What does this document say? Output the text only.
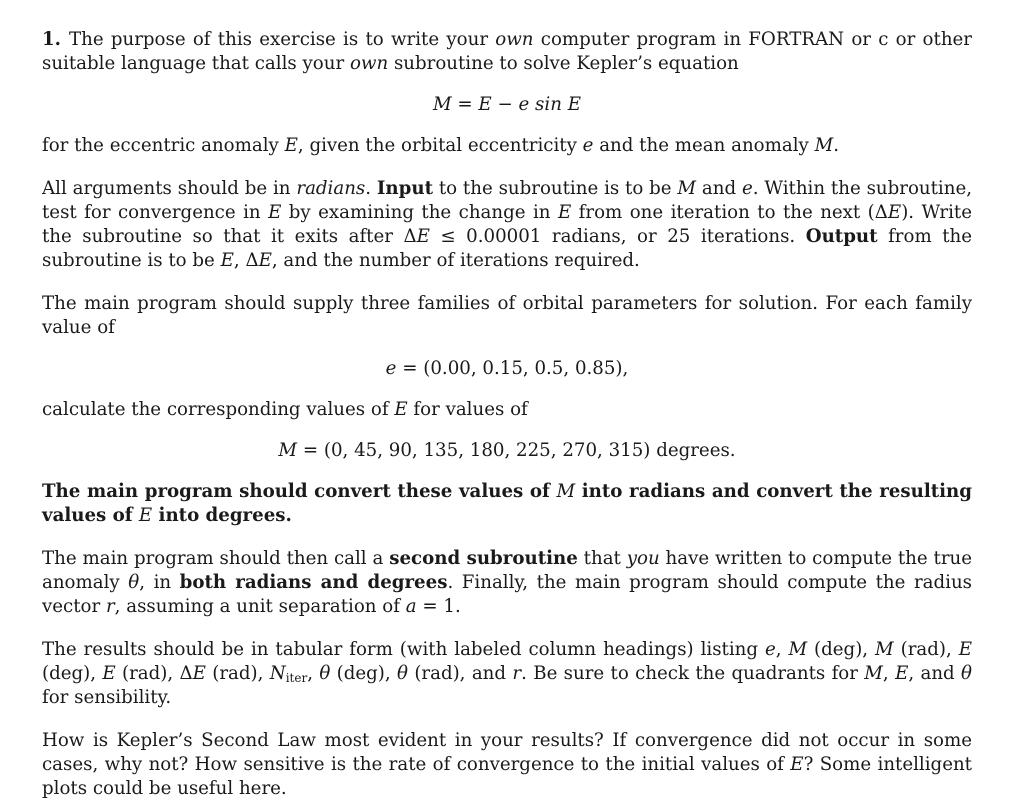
1. The purpose of this exercise is to write your own computer program in FORTRAN or c or other suitable language that calls your own subroutine to solve Kepler’s equation

M = E − e sin E

for the eccentric anomaly E, given the orbital eccentricity e and the mean anomaly M.

All arguments should be in radians. Input to the subroutine is to be M and e. Within the subroutine, test for convergence in E by examining the change in E from one iteration to the next (ΔE). Write the subroutine so that it exits after ΔE ≤ 0.00001 radians, or 25 iterations. Output from the subroutine is to be E, ΔE, and the number of iterations required.

The main program should supply three families of orbital parameters for solution. For each family value of

e = (0.00, 0.15, 0.5, 0.85),

calculate the corresponding values of E for values of

M = (0, 45, 90, 135, 180, 225, 270, 315) degrees.

The main program should convert these values of M into radians and convert the resulting values of E into degrees.

The main program should then call a second subroutine that you have written to compute the true anomaly θ, in both radians and degrees. Finally, the main program should compute the radius vector r, assuming a unit separation of a = 1.

The results should be in tabular form (with labeled column headings) listing e, M (deg), M (rad), E (deg), E (rad), ΔE (rad), $N_{iter}$, θ (deg), θ (rad), and r. Be sure to check the quadrants for M, E, and θ for sensibility.

How is Kepler’s Second Law most evident in your results? If convergence did not occur in some cases, why not? How sensitive is the rate of convergence to the initial values of E? Some intelligent plots could be useful here.
